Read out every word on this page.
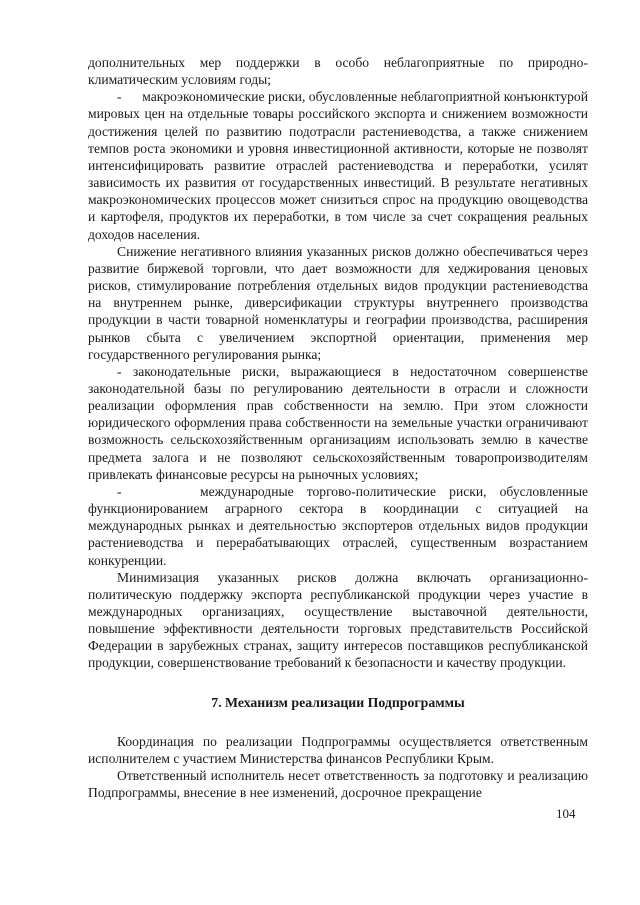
дополнительных мер поддержки в особо неблагоприятные по природно-климатическим условиям годы;

-      макроэкономические риски, обусловленные неблагоприятной конъюнктурой мировых цен на отдельные товары российского экспорта и снижением возможности достижения целей по развитию подотрасли растениеводства, а также снижением темпов роста экономики и уровня инвестиционной активности, которые не позволят интенсифицировать развитие отраслей растениеводства и переработки, усилят зависимость их развития от государственных инвестиций. В результате негативных макроэкономических процессов может снизиться спрос на продукцию овощеводства и картофеля, продуктов их переработки, в том числе за счет сокращения реальных доходов населения.

Снижение негативного влияния указанных рисков должно обеспечиваться через развитие биржевой торговли, что дает возможности для хеджирования ценовых рисков, стимулирование потребления отдельных видов продукции растениеводства на внутреннем рынке, диверсификации структуры внутреннего производства продукции в части товарной номенклатуры и географии производства, расширения рынков сбыта с увеличением экспортной ориентации, применения мер государственного регулирования рынка;

- законодательные риски, выражающиеся в недостаточном совершенстве законодательной базы по регулированию деятельности в отрасли и сложности реализации оформления прав собственности на землю. При этом сложности юридического оформления права собственности на земельные участки ограничивают возможность сельскохозяйственным организациям использовать землю в качестве предмета залога и не позволяют сельскохозяйственным товаропроизводителям привлекать финансовые ресурсы на рыночных условиях;

-      международные торгово-политические риски, обусловленные функционированием аграрного сектора в координации с ситуацией на международных рынках и деятельностью экспортеров отдельных видов продукции растениеводства и перерабатывающих отраслей, существенным возрастанием конкуренции.

Минимизация указанных рисков должна включать организационно-политическую поддержку экспорта республиканской продукции через участие в международных организациях, осуществление выставочной деятельности, повышение эффективности деятельности торговых представительств Российской Федерации в зарубежных странах, защиту интересов поставщиков республиканской продукции, совершенствование требований к безопасности и качеству продукции.

7. Механизм реализации Подпрограммы

Координация по реализации Подпрограммы осуществляется ответственным исполнителем с участием Министерства финансов Республики Крым.

Ответственный исполнитель несет ответственность за подготовку и реализацию Подпрограммы, внесение в нее изменений, досрочное прекращение

104
